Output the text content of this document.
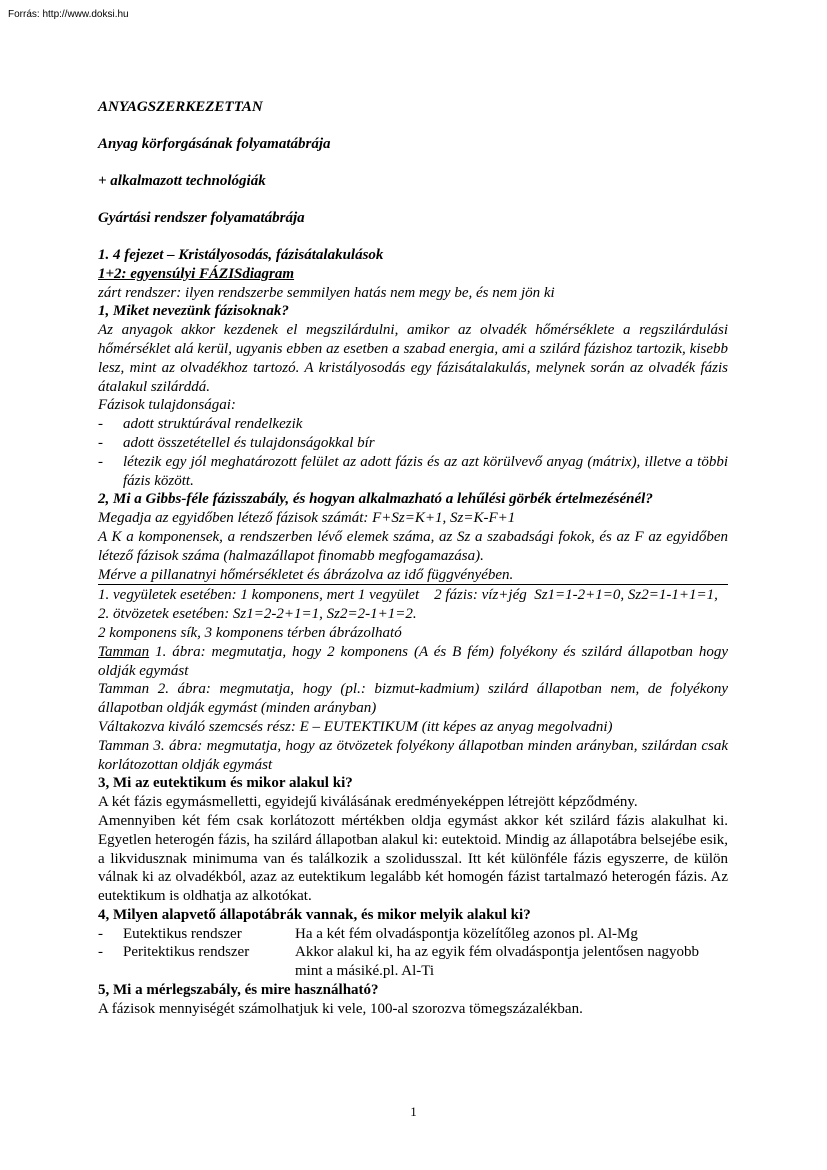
Forrás: http://www.doksi.hu
ANYAGSZERKEZETTAN
Anyag körforgásának folyamatábrája
+ alkalmazott technológiák
Gyártási rendszer folyamatábrája
1. 4 fejezet – Kristályosodás, fázisátalakulások
1+2: egyensúlyi FÁZISdiagram
zárt rendszer: ilyen rendszerbe semmilyen hatás nem megy be, és nem jön ki
1, Miket nevezünk fázisoknak?
Az anyagok akkor kezdenek el megszilárdulni, amikor az olvadék hőmérséklete a regszilárdulási hőmérséklet alá kerül, ugyanis ebben az esetben a szabad energia, ami a szilárd fázishoz tartozik, kisebb lesz, mint az olvadékhoz tartozó. A kristályosodás egy fázisátalakulás, melynek során az olvadék fázis átalakul szilárddá.
Fázisok tulajdonságai:
-	adott struktúrával rendelkezik
-	adott összetétellel és tulajdonságokkal bír
-	létezik egy jól meghatározott felület az adott fázis és az azt körülvevő anyag (mátrix), illetve a többi fázis között.
2, Mi a Gibbs-féle fázisszabály, és hogyan alkalmazható a lehűlési görbék értelmezésénél?
Megadja az egyidőben létező fázisok számát: F+Sz=K+1, Sz=K-F+1
A K a komponensek, a rendszerben lévő elemek száma, az Sz a szabadsági fokok, és az F az egyidőben létező fázisok száma (halmazállapot finomabb megfogamazása).
Mérve a pillanatnyi hőmérsékletet és ábrázolva az idő függvényében.
1. vegyületek esetében: 1 komponens, mert 1 vegyület    2 fázis: víz+jég  Sz1=1-2+1=0, Sz2=1-1+1=1,
2. ötvözetek esetében: Sz1=2-2+1=1, Sz2=2-1+1=2.
2 komponens sík, 3 komponens térben ábrázolható
Tamman 1. ábra: megmutatja, hogy 2 komponens (A és B fém) folyékony és szilárd állapotban hogy oldják egymást
Tamman 2. ábra: megmutatja, hogy (pl.: bizmut-kadmium) szilárd állapotban nem, de folyékony állapotban oldják egymást (minden arányban)
Váltakozva kiváló szemcsés rész: E – EUTEKTIKUM (itt képes az anyag megolvadni)
Tamman 3. ábra: megmutatja, hogy az ötvözetek folyékony állapotban minden arányban, szilárdan csak korlátozottan oldják egymást
3, Mi az eutektikum és mikor alakul ki?
A két fázis egymásmelletti, egyidejű kiválásának eredményeképpen létrejött képződmény.
Amennyiben két fém csak korlátozott mértékben oldja egymást akkor két szilárd fázis alakulhat ki. Egyetlen heterogén fázis, ha szilárd állapotban alakul ki: eutektoid. Mindig az állapotábra belsejébe esik, a likvidusznak minimuma van és találkozik a szolidusszal. Itt két különféle fázis egyszerre, de külön válnak ki az olvadékból, azaz az eutektikum legalább két homogén fázist tartalmazó heterogén fázis. Az eutektikum is oldhatja az alkotókat.
4, Milyen alapvető állapotábrák vannak, és mikor melyik alakul ki?
-	Eutektikus rendszer	Ha a két fém olvadáspontja közelítőleg azonos pl. Al-Mg
-	Peritektikus rendszer	Akkor alakul ki, ha az egyik fém olvadáspontja jelentősen nagyobb mint a másiké.pl. Al-Ti
5, Mi a mérlegszabály, és mire használható?
A fázisok mennyiségét számolhatjuk ki vele, 100-al szorozva tömegszázalékban.
1
